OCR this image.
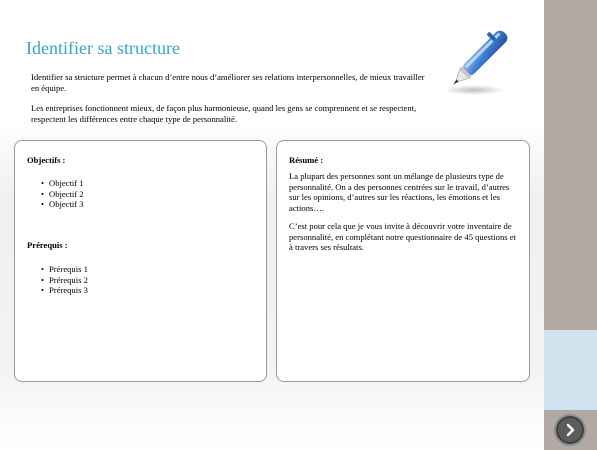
Identifier sa structure

Identifier sa structure permet à chacun d’entre nous d’améliorer ses relations interpersonnelles, de mieux travailler en équipe.

Les entreprises fonctionnent mieux, de façon plus harmonieuse, quand les gens se comprennent et se respectent, respectent les différences entre chaque type de personnalité.

Objectifs :
• Objectif 1
• Objectif 2
• Objectif 3
Prérequis :
• Prérequis 1
• Prérequis 2
• Prérequis 3
Résumé :

La plupart des personnes sont un mélange de plusieurs type de personnalité. On a des personnes centrées sur le travail, d’autres sur les opinions, d’autres sur les réactions, les émotions et les actions….

C’est pour cela que je vous invite à découvrir votre inventaire de personnalité, en complétant notre questionnaire de 45 questions et à travers ses résultats.
